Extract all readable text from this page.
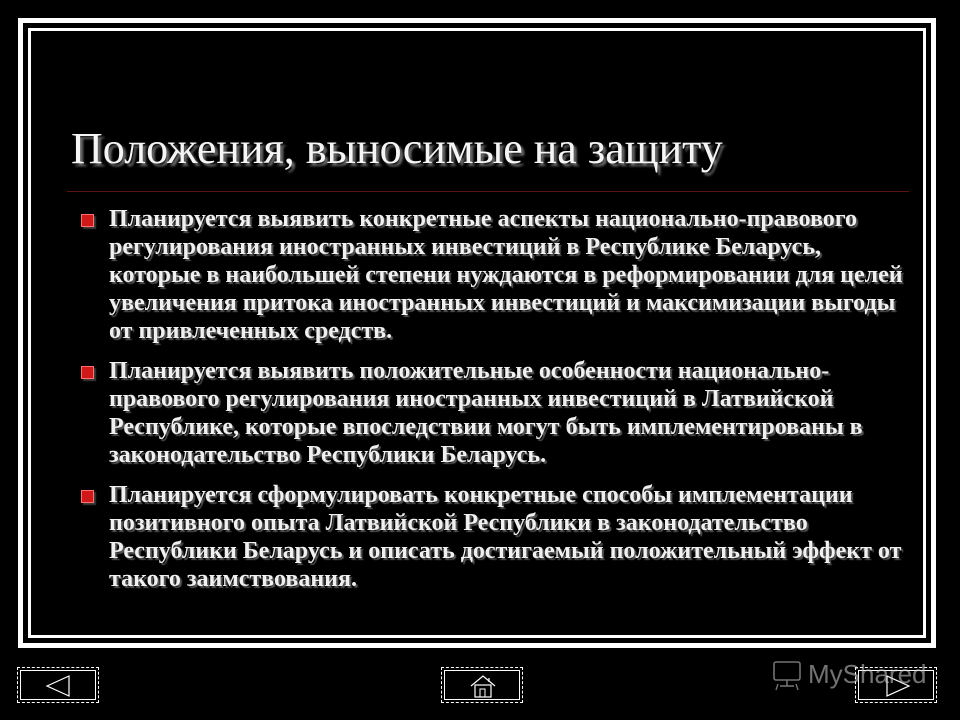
Положения, выносимые на защиту
Планируется выявить конкретные аспекты национально-правового регулирования иностранных инвестиций в Республике Беларусь, которые в наибольшей степени нуждаются в реформировании для целей увеличения притока иностранных инвестиций и максимизации выгоды от привлеченных средств.
Планируется выявить положительные особенности национально-правового регулирования иностранных инвестиций в Латвийской Республике, которые впоследствии могут быть имплементированы в законодательство Республики Беларусь.
Планируется сформулировать конкретные способы имплементации позитивного опыта Латвийской Республики в законодательство Республики Беларусь и описать достигаемый положительный эффект от такого заимствования.
MyShared
